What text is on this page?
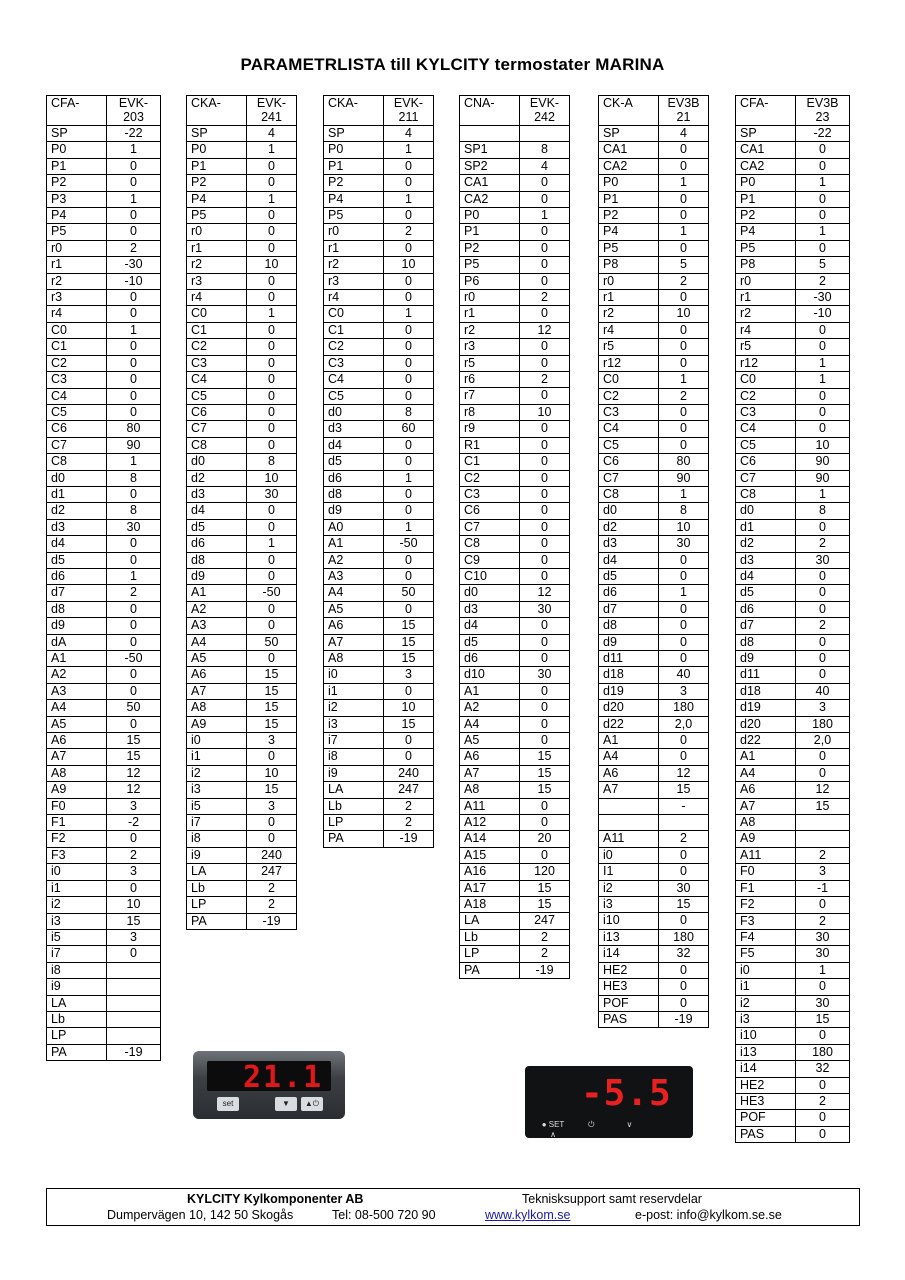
PARAMETRLISTA till KYLCITY termostater MARINA
CFA-	EVK-
203
SP	-22
P0	1
P1	0
P2	0
P3	1
P4	0
P5	0
r0	2
r1	-30
r2	-10
r3	0
r4	0
C0	1
C1	0
C2	0
C3	0
C4	0
C5	0
C6	80
C7	90
C8	1
d0	8
d1	0
d2	8
d3	30
d4	0
d5	0
d6	1
d7	2
d8	0
d9	0
dA	0
A1	-50
A2	0
A3	0
A4	50
A5	0
A6	15
A7	15
A8	12
A9	12
F0	3
F1	-2
F2	0
F3	2
i0	3
i1	0
i2	10
i3	15
i5	3
i7	0
i8	
i9	
LA	
Lb	
LP	
PA	-19
CKA-	EVK-
241
SP	4
P0	1
P1	0
P2	0
P4	1
P5	0
r0	0
r1	0
r2	10
r3	0
r4	0
C0	1
C1	0
C2	0
C3	0
C4	0
C5	0
C6	0
C7	0
C8	0
d0	8
d2	10
d3	30
d4	0
d5	0
d6	1
d8	0
d9	0
A1	-50
A2	0
A3	0
A4	50
A5	0
A6	15
A7	15
A8	15
A9	15
i0	3
i1	0
i2	10
i3	15
i5	3
i7	0
i8	0
i9	240
LA	247
Lb	2
LP	2
PA	-19
CKA-	EVK-
211
SP	4
P0	1
P1	0
P2	0
P4	1
P5	0
r0	2
r1	0
r2	10
r3	0
r4	0
C0	1
C1	0
C2	0
C3	0
C4	0
C5	0
d0	8
d3	60
d4	0
d5	0
d6	1
d8	0
d9	0
A0	1
A1	-50
A2	0
A3	0
A4	50
A5	0
A6	15
A7	15
A8	15
i0	3
i1	0
i2	10
i3	15
i7	0
i8	0
i9	240
LA	247
Lb	2
LP	2
PA	-19
CNA-	EVK-
242

SP1	8
SP2	4
CA1	0
CA2	0
P0	1
P1	0
P2	0
P5	0
P6	0
r0	2
r1	0
r2	12
r3	0
r5	0
r6	2
r7	0
r8	10
r9	0
R1	0
C1	0
C2	0
C3	0
C6	0
C7	0
C8	0
C9	0
C10	0
d0	12
d3	30
d4	0
d5	0
d6	0
d10	30
A1	0
A2	0
A4	0
A5	0
A6	15
A7	15
A8	15
A11	0
A12	0
A14	20
A15	0
A16	120
A17	15
A18	15
LA	247
Lb	2
LP	2
PA	-19
CK-A	EV3B
21
SP	4
CA1	0
CA2	0
P0	1
P1	0
P2	0
P4	1
P5	0
P8	5
r0	2
r1	0
r2	10
r4	0
r5	0
r12	0
C0	1
C2	2
C3	0
C4	0
C5	0
C6	80
C7	90
C8	1
d0	8
d2	10
d3	30
d4	0
d5	0
d6	1
d7	0
d8	0
d9	0
d11	0
d18	40
d19	3
d20	180
d22	2,0
A1	0
A4	0
A6	12
A7	15
	-

A11	2
i0	0
I1	0
i2	30
i3	15
i10	0
i13	180
i14	32
HE2	0
HE3	0
POF	0
PAS	-19
CFA-	EV3B
23
SP	-22
CA1	0
CA2	0
P0	1
P1	0
P2	0
P4	1
P5	0
P8	5
r0	2
r1	-30
r2	-10
r4	0
r5	0
r12	1
C0	1
C2	0
C3	0
C4	0
C5	10
C6	90
C7	90
C8	1
d0	8
d1	0
d2	2
d3	30
d4	0
d5	0
d6	0
d7	2
d8	0
d9	0
d11	0
d18	40
d19	3
d20	180
d22	2,0
A1	0
A4	0
A6	12
A7	15
A8	
A9	
A11	2
F0	3
F1	-1
F2	0
F3	2
F4	30
F5	30
i0	1
i1	0
i2	30
i3	15
i10	0
i13	180
i14	32
HE2	0
HE3	2
POF	0
PAS	0
21.1
set	▼	▲⏻	-5.5
● SET	⏻	∨ ∧
KYLCITY Kylkomponenter AB	Teknisksupport samt reservdelar
Dumpervägen 10, 142 50 Skogås	Tel: 08-500 720 90	www.kylkom.se	e-post: info@kylkom.se.se
